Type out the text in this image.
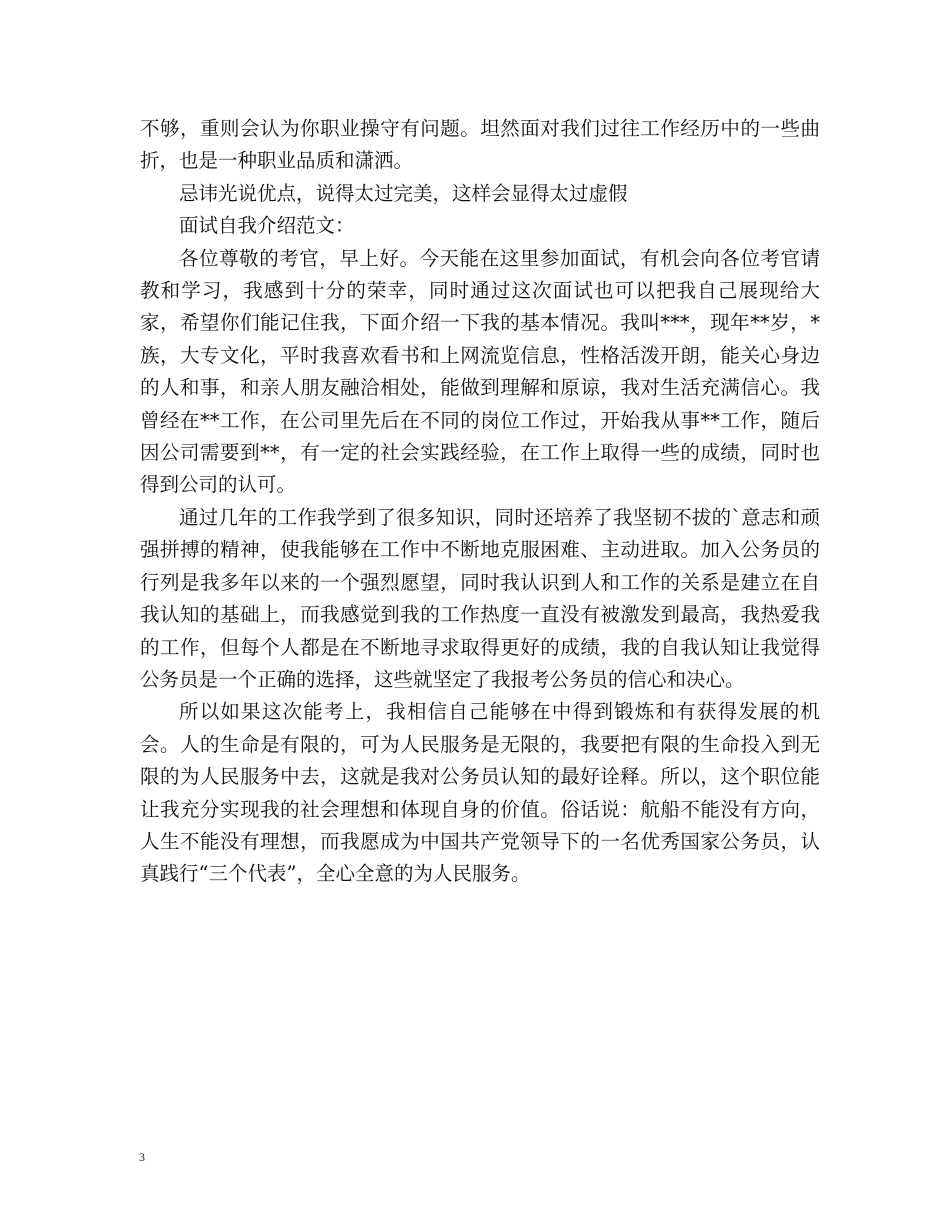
不够，重则会认为你职业操守有问题。坦然面对我们过往工作经历中的一些曲折，也是一种职业品质和潇洒。

忌讳光说优点，说得太过完美，这样会显得太过虚假

面试自我介绍范文：

各位尊敬的考官，早上好。今天能在这里参加面试，有机会向各位考官请教和学习，我感到十分的荣幸，同时通过这次面试也可以把我自己展现给大家，希望你们能记住我，下面介绍一下我的基本情况。我叫***，现年**岁，*族，大专文化，平时我喜欢看书和上网流览信息，性格活泼开朗，能关心身边的人和事，和亲人朋友融洽相处，能做到理解和原谅，我对生活充满信心。我曾经在**工作，在公司里先后在不同的岗位工作过，开始我从事**工作，随后因公司需要到**，有一定的社会实践经验，在工作上取得一些的成绩，同时也得到公司的认可。

通过几年的工作我学到了很多知识，同时还培养了我坚韧不拔的`意志和顽强拼搏的精神，使我能够在工作中不断地克服困难、主动进取。加入公务员的行列是我多年以来的一个强烈愿望，同时我认识到人和工作的关系是建立在自我认知的基础上，而我感觉到我的工作热度一直没有被激发到最高，我热爱我的工作，但每个人都是在不断地寻求取得更好的成绩，我的自我认知让我觉得公务员是一个正确的选择，这些就坚定了我报考公务员的信心和决心。

所以如果这次能考上，我相信自己能够在中得到锻炼和有获得发展的机会。人的生命是有限的，可为人民服务是无限的，我要把有限的生命投入到无限的为人民服务中去，这就是我对公务员认知的最好诠释。所以，这个职位能让我充分实现我的社会理想和体现自身的价值。俗话说：航船不能没有方向，人生不能没有理想，而我愿成为中国共产党领导下的一名优秀国家公务员，认真践行“三个代表”，全心全意的为人民服务。

3
